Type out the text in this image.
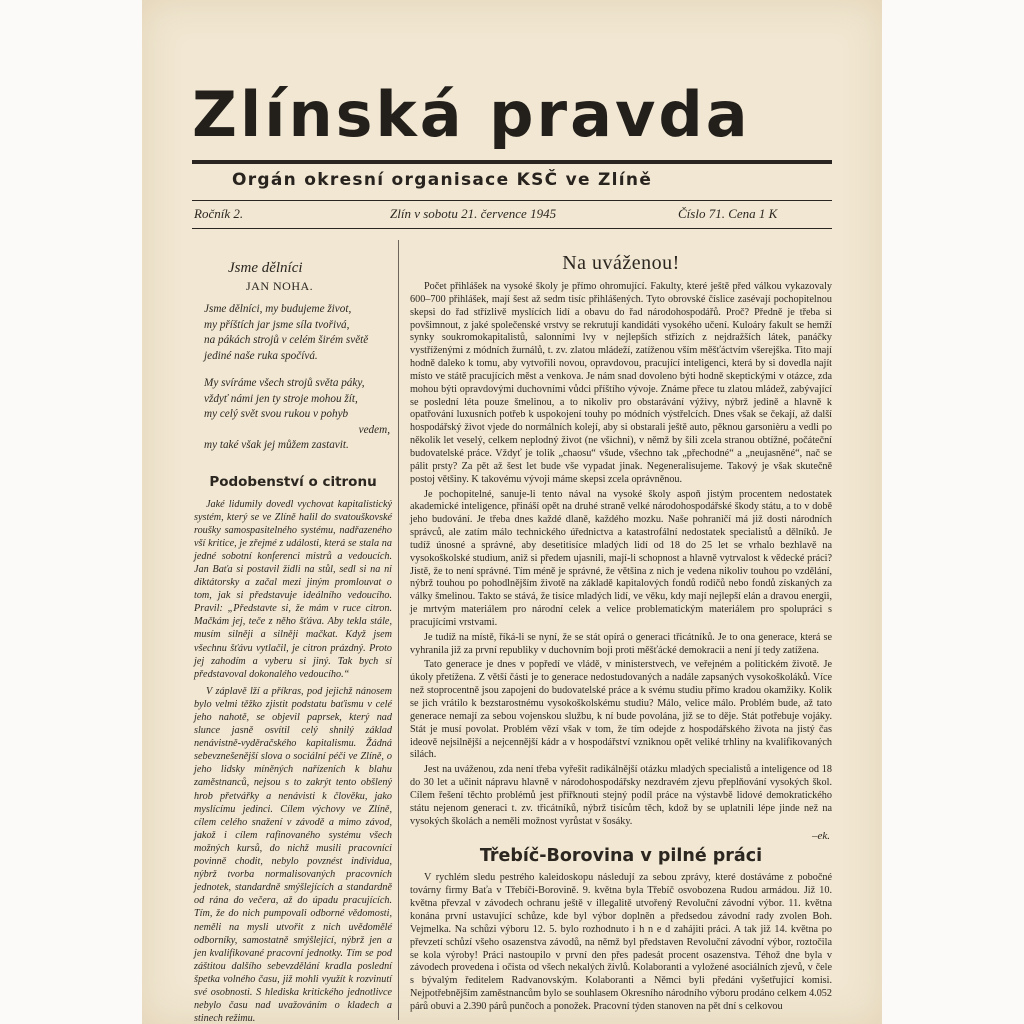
Zlínská pravda
Orgán okresní organisace KSČ ve Zlíně
Ročník 2.	Zlín v sobotu 21. července 1945	Číslo 71. Cena 1 K
Jsme dělníci
JAN NOHA.
Jsme dělníci, my budujeme život,
my příštích jar jsme síla tvořivá,
na pákách strojů v celém širém světě
jediné naše ruka spočívá.
My svíráme všech strojů světa páky,
vždyť námi jen ty stroje mohou žít,
my celý svět svou rukou v pohyb
vedem,
my také však jej můžem zastavit.
Podobenství o citronu

Jaké lidumily dovedl vychovat kapitalistický systém, který se ve Zlíně halil do svatouškovské roušky samospasitelného systému, nadřazeného vší kritice, je zřejmé z události, která se stala na jedné sobotní konferenci mistrů a vedoucích. Jan Baťa si postavil židli na stůl, sedl si na ni diktátorsky a začal mezi jiným promlouvat o tom, jak si představuje ideálního vedoucího. Pravil: „Představte si, že mám v ruce citron. Mačkám jej, teče z něho šťáva. Aby tekla stále, musím silněji a silněji mačkat. Když jsem všechnu šťávu vytlačil, je citron prázdný. Proto jej zahodím a vyberu si jiný. Tak bych si představoval dokonalého vedoucího.“

V záplavě lží a příkras, pod jejichž nánosem bylo velmi těžko zjistit podstatu baťismu v celé jeho nahotě, se objevil paprsek, který nad slunce jasně osvítil celý shnilý základ nenávistně-vyděračského kapitalismu. Žádná sebevznešenější slova o sociální péči ve Zlíně, o jeho lidsky míněných nařízeních k blahu zaměstnanců, nejsou s to zakrýt tento obšlený hrob přetvářky a nenávisti k člověku, jako myslícímu jedinci. Cílem výchovy ve Zlíně, cílem celého snažení v závodě a mimo závod, jakož i cílem rafinovaného systému všech možných kursů, do nichž musili pracovníci povinně chodit, nebylo povznést individua, nýbrž tvorba normalisovaných pracovních jednotek, standardně smýšlejících a standardně od rána do večera, až do úpadu pracujících. Tím, že do nich pumpovali odborné vědomosti, neměli na mysli utvořit z nich uvědomělé odborníky, samostatně smýšlející, nýbrž jen a jen kvalifikované pracovní jednotky. Tím se pod záštitou dalšího sebevzdělání kradla poslední špetka volného času, již mohli využít k rozvinutí své osobnosti. S hlediska kritického jednotlivce nebylo času nad uvažováním o kladech a stinech režimu.

Na uváženou!

Počet přihlášek na vysoké školy je přímo ohromující. Fakulty, které ještě před válkou vykazovaly 600–700 přihlášek, mají šest až sedm tisíc přihlášených. Tyto obrovské číslice zasévají pochopitelnou skepsi do řad střízlivě myslících lidí a obavu do řad národohospodářů. Proč? Předně je třeba si povšimnout, z jaké společenské vrstvy se rekrutují kandidáti vysokého učení. Kuloáry fakult se hemží synky soukromokapitalistů, salonními lvy v nejlepších střizích z nejdražších látek, panáčky vystříženými z módních žurnálů, t. zv. zlatou mládeží, zatíženou vším měšťáctvím všerejška. Tito mají hodně daleko k tomu, aby vytvořili novou, opravdovou, pracující inteligenci, která by si dovedla najít místo ve státě pracujících měst a venkova. Je nám snad dovoleno býti hodně skeptickými v otázce, zda mohou býti opravdovými duchovními vůdci příštího vývoje. Známe přece tu zlatou mládež, zabývající se poslední léta pouze šmelinou, a to nikoliv pro obstarávání výživy, nýbrž jedině a hlavně k opatřování luxusních potřeb k uspokojení touhy po módních výstřelcích. Dnes však se čekají, až další hospodářský život vjede do normálních kolejí, aby si obstarali ještě auto, pěknou garsonièru a vedli po několik let veselý, celkem neplodný život (ne všichni), v němž by šili zcela stranou obtížné, počáteční budovatelské práce. Vždyť je tolik „chaosu“ všude, všechno tak „přechodné“ a „neujasněné“, nač se pálit prsty? Za pět až šest let bude vše vypadat jinak. Negeneralisujeme. Takový je však skutečně postoj většiny. K takovému vývoji máme skepsi zcela oprávněnou.

Je pochopitelné, sanuje-li tento nával na vysoké školy aspoň jistým procentem nedostatek akademické inteligence, přináší opět na druhé straně velké národohospodářské škody státu, a to v době jeho budování. Je třeba dnes každé dlaně, každého mozku. Naše pohraničí má již dosti národních správců, ale zatím málo technického úřednictva a katastrofální nedostatek specialistů a dělníků. Je tudíž únosné a správné, aby desetitisíce mladých lidí od 18 do 25 let se vrhalo bezhlavě na vysokoškolské studium, aniž si předem ujasnili, mají-li schopnost a hlavně vytrvalost k vědecké práci? Jistě, že to není správné. Tím méně je správné, že většina z nich je vedena nikoliv touhou po vzdělání, nýbrž touhou po pohodlnějším životě na základě kapitalových fondů rodičů nebo fondů získaných za války šmelinou. Takto se stává, že tisíce mladých lidí, ve věku, kdy mají nejlepší elán a dravou energii, je mrtvým materiálem pro národní celek a velice problematickým materiálem pro spolupráci s pracujícími vrstvami.

Je tudíž na místě, říká-li se nyní, že se stát opírá o generaci třicátníků. Je to ona generace, která se vyhranila již za první republiky v duchovním boji proti měšťácké demokracii a není jí tedy zatížena.

Tato generace je dnes v popředí ve vládě, v ministerstvech, ve veřejném a politickém životě. Je úkoly přetížena. Z větší části je to generace nedostudovaných a nadále zapsaných vysokoškoláků. Více než stoprocentně jsou zapojeni do budovatelské práce a k svému studiu přímo kradou okamžiky. Kolik se jich vrátilo k bezstarostnému vysokoškolskému studiu? Málo, velice málo. Problém bude, až tato generace nemají za sebou vojenskou službu, k ní bude povolána, již se to děje. Stát potřebuje vojáky. Stát je musí povolat. Problém vězí však v tom, že tím odejde z hospodářského života na jistý čas ideově nejsilnější a nejcennější kádr a v hospodářství vzniknou opět veliké trhliny na kvalifikovaných silách.

Jest na uváženou, zda není třeba vyřešit radikálnější otázku mladých specialistů a inteligence od 18 do 30 let a učinit nápravu hlavně v národohospodářsky nezdravém zjevu přeplňování vysokých škol. Cílem řešení těchto problémů jest přiřknouti stejný podíl práce na výstavbě lidové demokratického státu nejenom generaci t. zv. třicátníků, nýbrž tisícům těch, kdož by se uplatnili lépe jinde než na vysokých školách a neměli možnost vyrůstat v šosáky.

–ek.
Třebíč-Borovina v pilné práci

V rychlém sledu pestrého kaleidoskopu následují za sebou zprávy, které dostáváme z pobočné továrny firmy Baťa v Třebíči-Borovině. 9. května byla Třebíč osvobozena Rudou armádou. Již 10. května převzal v závodech ochranu ještě v illegalitě utvořený Revoluční závodní výbor. 11. května konána první ustavující schůze, kde byl výbor doplněn a předsedou závodní rady zvolen Boh. Vejmelka. Na schůzi výboru 12. 5. bylo rozhodnuto i h n e d zahájiti práci. A tak již 14. května po převzetí schůzí všeho osazenstva závodů, na němž byl představen Revoluční závodní výbor, roztočila se kola výroby! Práci nastoupilo v první den přes padesát procent osazenstva. Téhož dne byla v závodech provedena i očista od všech nekalých živlů. Kolaboranti a vyložené asociálních zjevů, v čele s bývalým ředitelem Radvanovským. Kolaboranti a Němci byli předáni vyšetřující komisi. Nejpotřebnějším zaměstnancům bylo se souhlasem Okresního národního výboru prodáno celkem 4.052 párů obuvi a 2.390 párů punčoch a ponožek. Pracovní týden stanoven na pět dní s celkovou
